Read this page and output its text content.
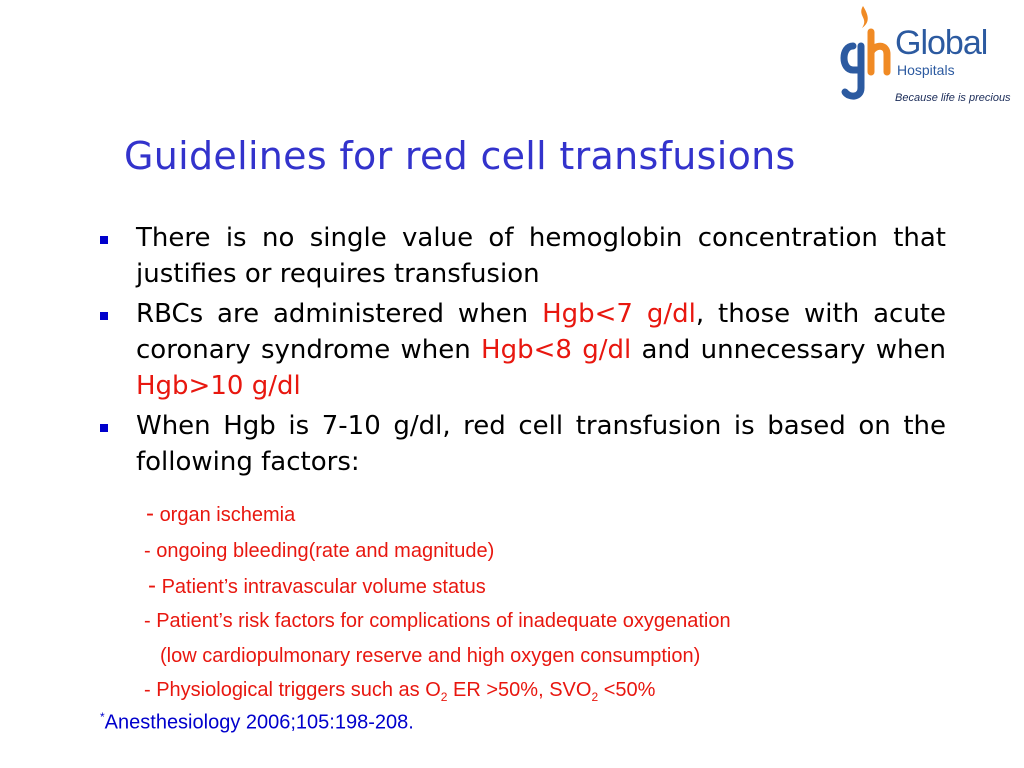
Global
Hospitals
Because life is precious
Guidelines for red cell transfusions
There is no single value of hemoglobin concentration that justifies or requires transfusion
RBCs are administered when Hgb<7 g/dl, those with acute coronary syndrome when Hgb<8 g/dl and unnecessary when Hgb>10 g/dl
When Hgb is 7-10 g/dl, red cell transfusion is based on the following factors:
- organ ischemia
- ongoing bleeding(rate and magnitude)
- Patient’s intravascular volume status
- Patient’s risk factors for complications of inadequate oxygenation
(low cardiopulmonary reserve and high oxygen consumption)
- Physiological triggers such as $O_2$ ER >50%, $SVO_2 <50\%$
*Anesthesiology 2006;105:198-208.
